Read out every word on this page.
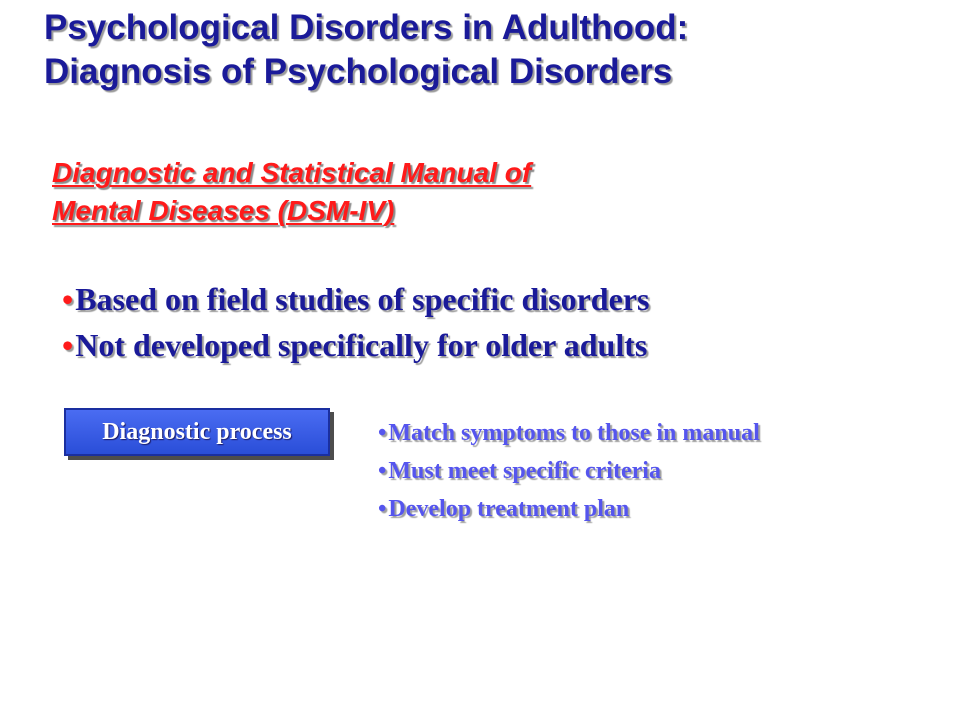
Psychological Disorders in Adulthood:
Diagnosis of Psychological Disorders
Diagnostic and Statistical Manual of
Mental Diseases (DSM-IV)
•Based on field studies of specific disorders
•Not developed specifically for older adults
Diagnostic process	•Match symptoms to those in manual
•Must meet specific criteria
•Develop treatment plan
